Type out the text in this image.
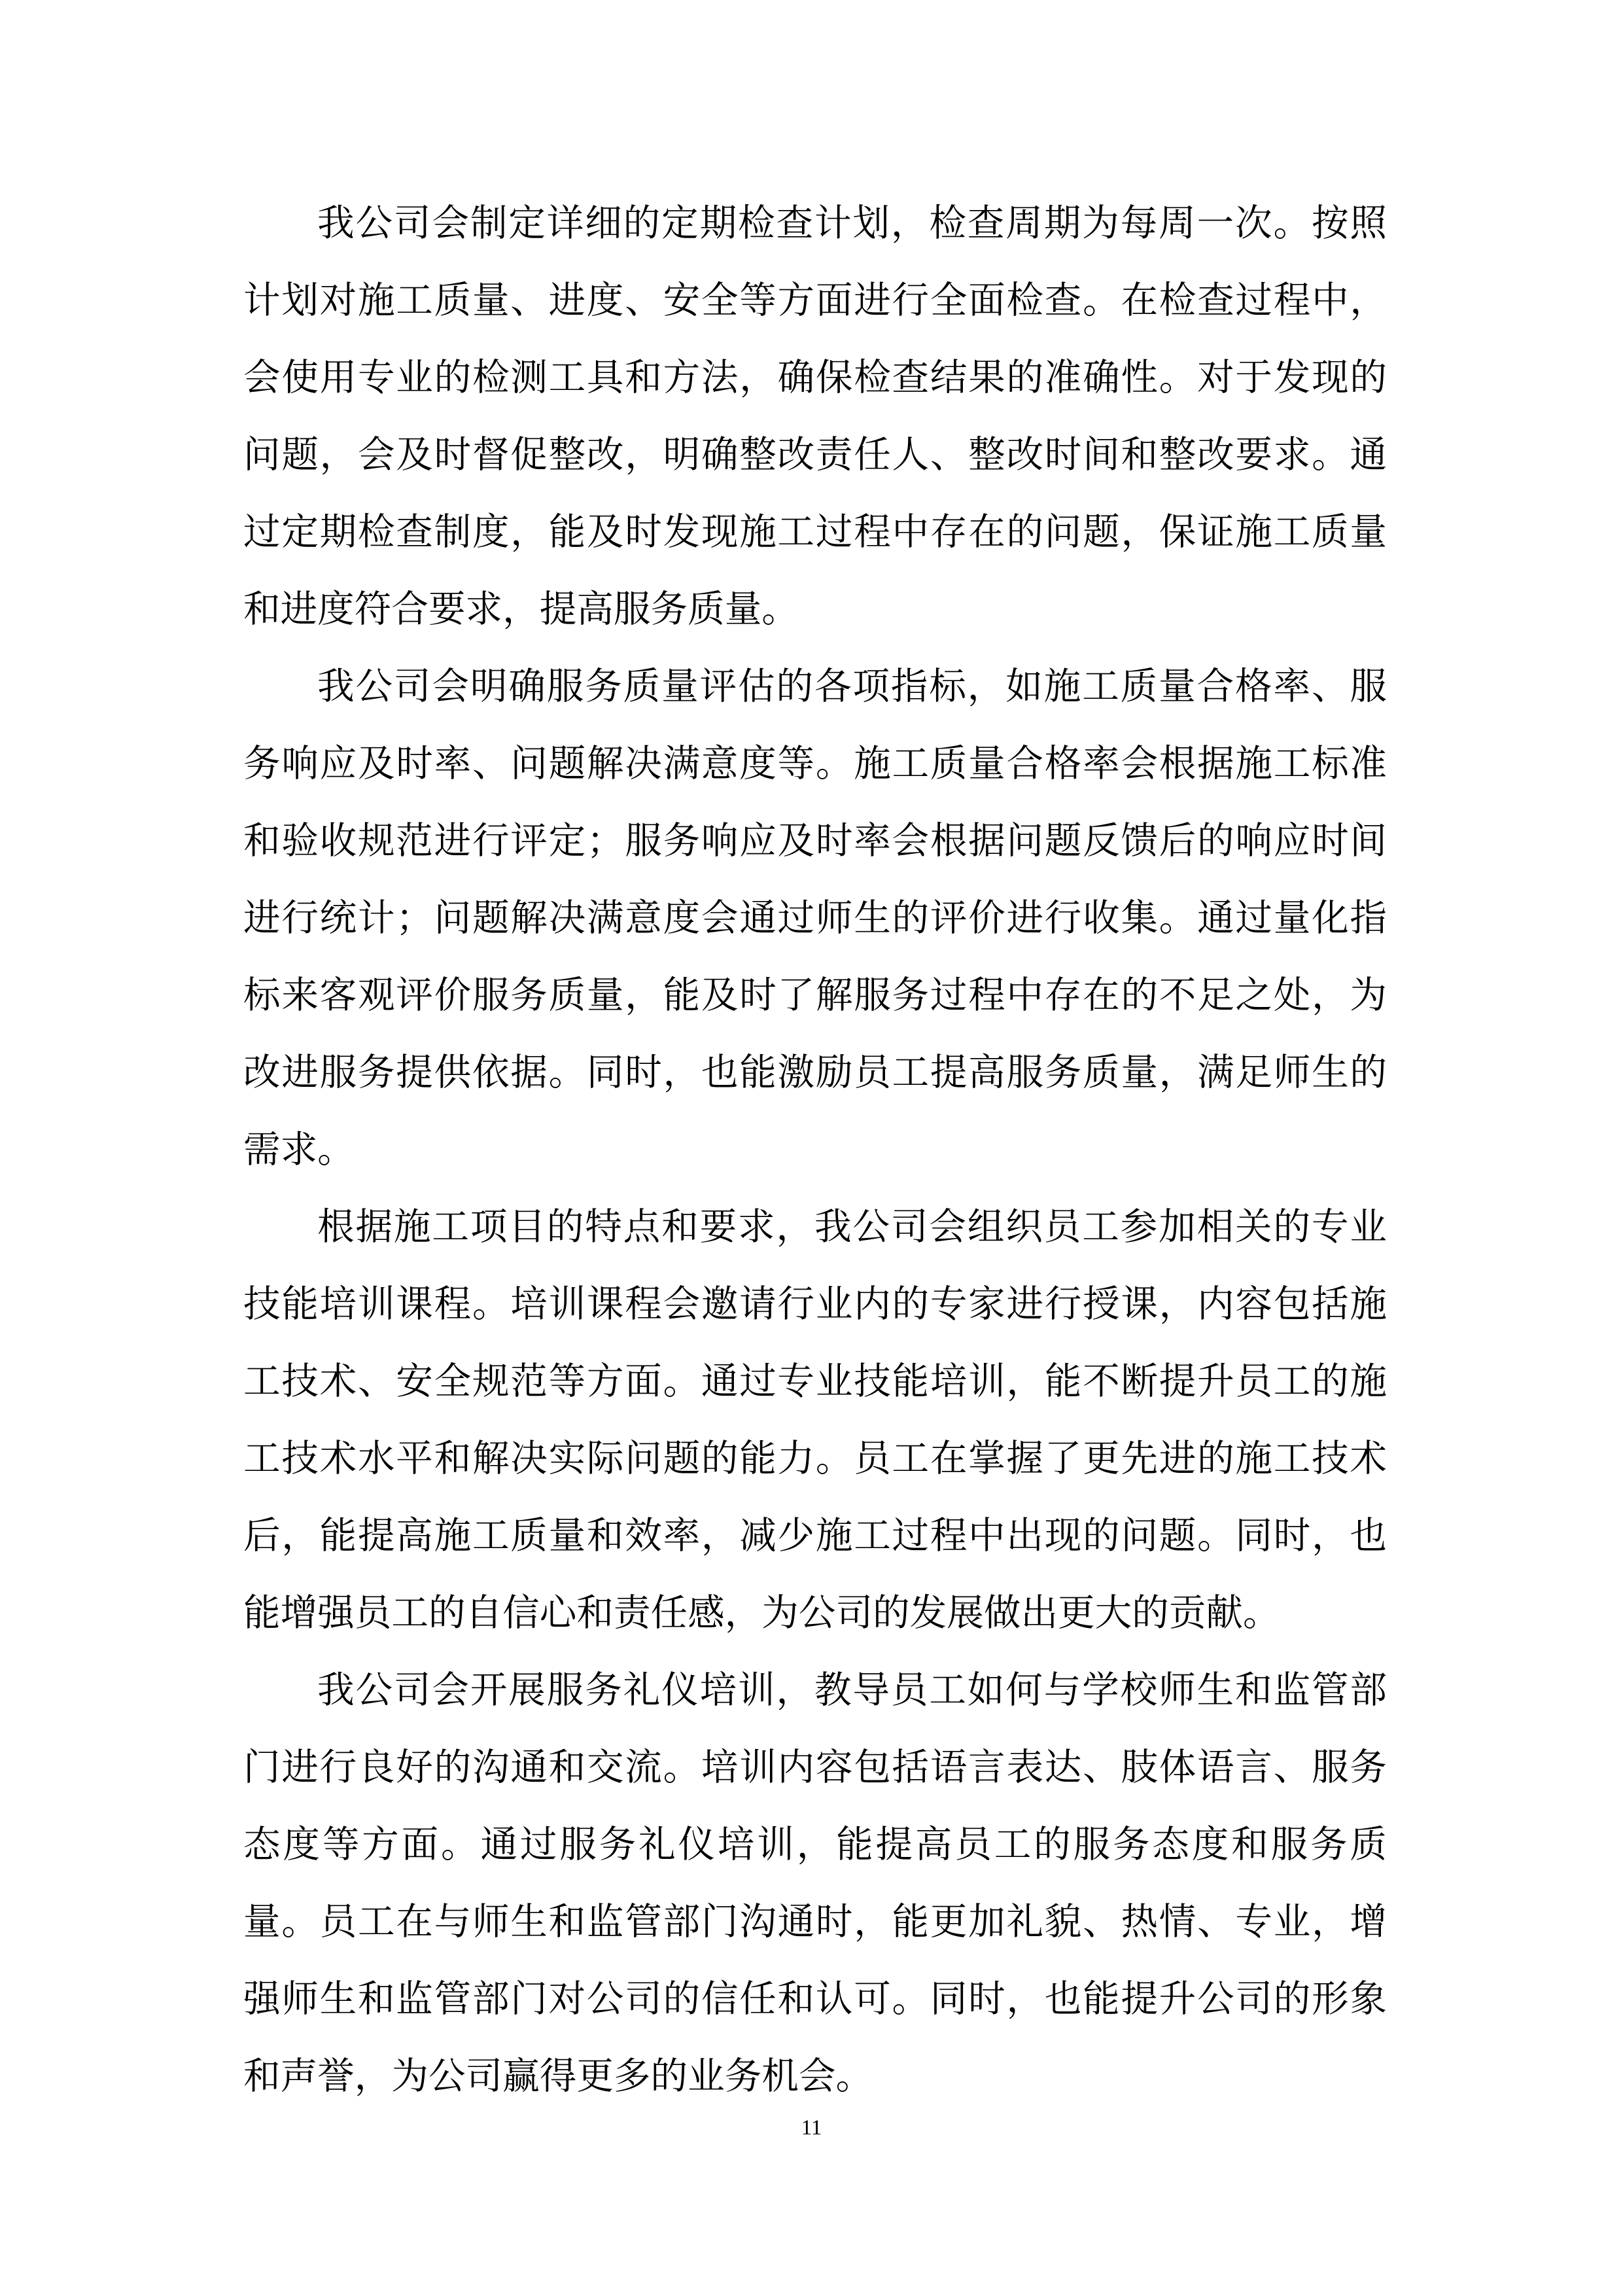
我公司会制定详细的定期检查计划，检查周期为每周一次。按照计划对施工质量、进度、安全等方面进行全面检查。在检查过程中，会使用专业的检测工具和方法，确保检查结果的准确性。对于发现的问题，会及时督促整改，明确整改责任人、整改时间和整改要求。通过定期检查制度，能及时发现施工过程中存在的问题，保证施工质量和进度符合要求，提高服务质量。

我公司会明确服务质量评估的各项指标，如施工质量合格率、服务响应及时率、问题解决满意度等。施工质量合格率会根据施工标准和验收规范进行评定；服务响应及时率会根据问题反馈后的响应时间进行统计；问题解决满意度会通过师生的评价进行收集。通过量化指标来客观评价服务质量，能及时了解服务过程中存在的不足之处，为改进服务提供依据。同时，也能激励员工提高服务质量，满足师生的需求。

根据施工项目的特点和要求，我公司会组织员工参加相关的专业技能培训课程。培训课程会邀请行业内的专家进行授课，内容包括施工技术、安全规范等方面。通过专业技能培训，能不断提升员工的施工技术水平和解决实际问题的能力。员工在掌握了更先进的施工技术后，能提高施工质量和效率，减少施工过程中出现的问题。同时，也能增强员工的自信心和责任感，为公司的发展做出更大的贡献。

我公司会开展服务礼仪培训，教导员工如何与学校师生和监管部门进行良好的沟通和交流。培训内容包括语言表达、肢体语言、服务态度等方面。通过服务礼仪培训，能提高员工的服务态度和服务质量。员工在与师生和监管部门沟通时，能更加礼貌、热情、专业，增强师生和监管部门对公司的信任和认可。同时，也能提升公司的形象和声誉，为公司赢得更多的业务机会。

11
